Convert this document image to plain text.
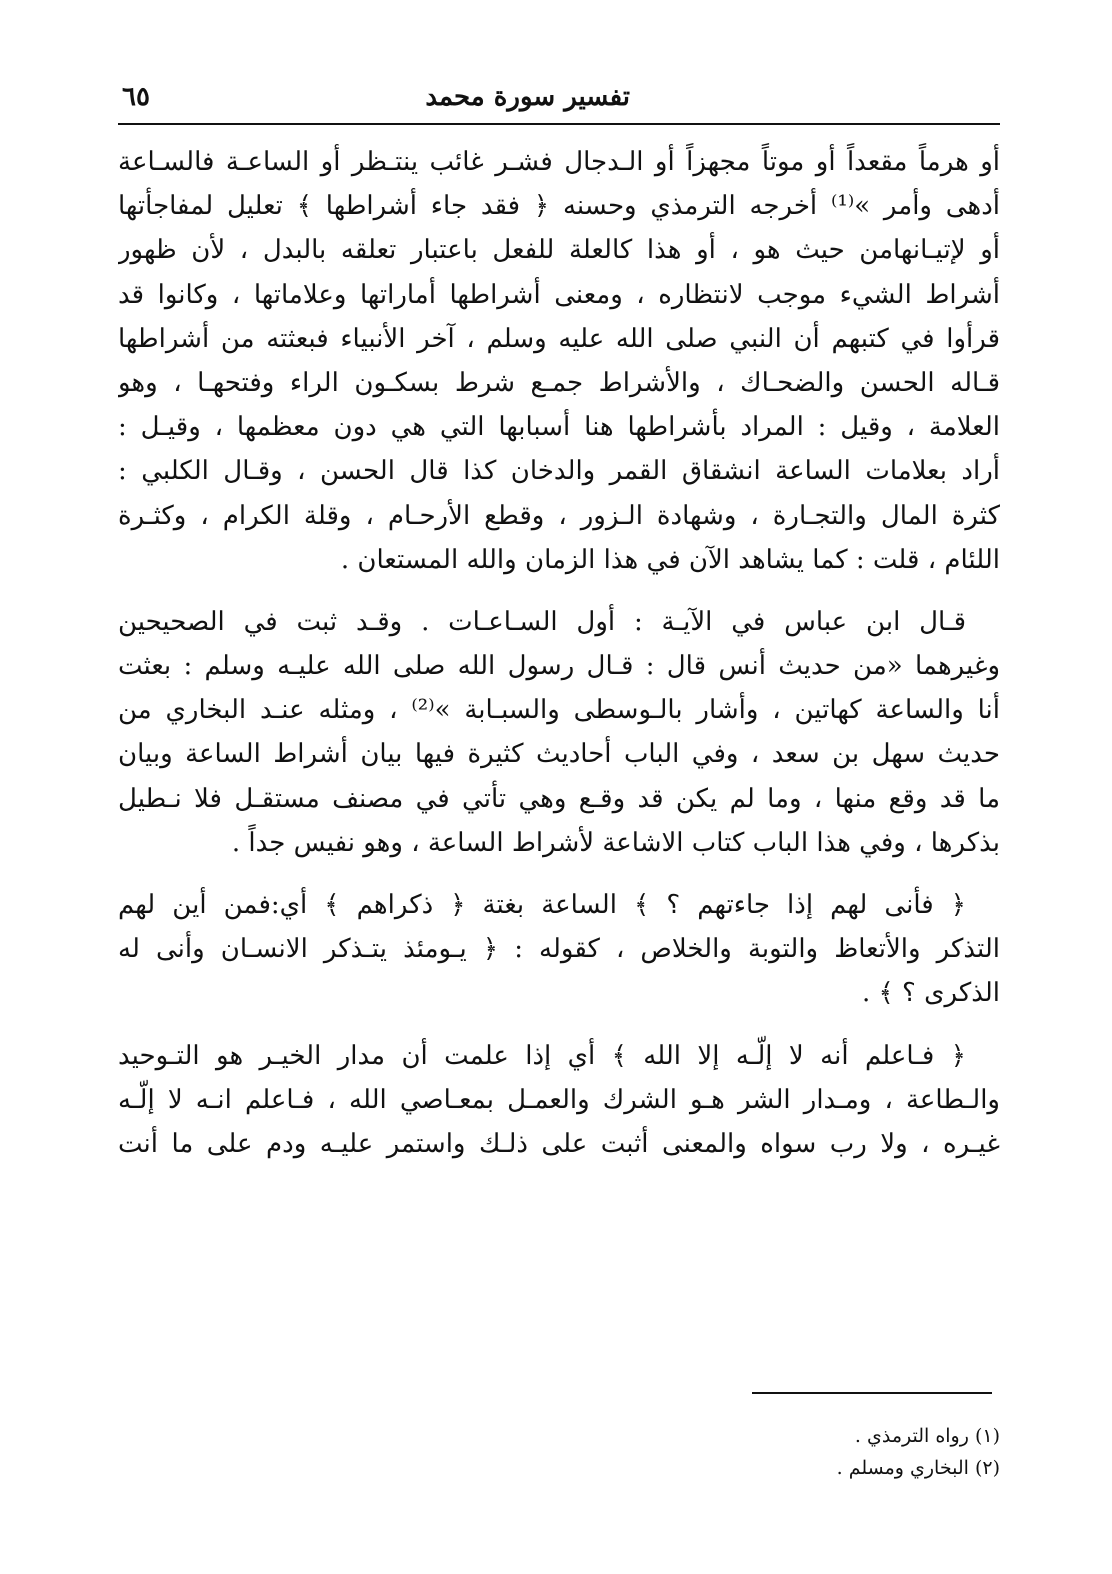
تفسير سورة محمد
٦٥
أو هرماً مقعداً أو موتاً مجهزاً أو الـدجال فشـر غائب ينتـظر أو الساعـة فالسـاعة
أدهى وأمر »⁽¹⁾ أخرجه الترمذي وحسنه ﴿ فقد جاء أشراطها ﴾ تعليل لمفاجأتها
أو لإتيـانهامن حيث هو ، أو هذا كالعلة للفعل باعتبار تعلقه بالبدل ، لأن ظهور
أشراط الشيء موجب لانتظاره ، ومعنى أشراطها أماراتها وعلاماتها ، وكانوا قد
قرأوا في كتبهم أن النبي صلى الله عليه وسلم ، آخر الأنبياء فبعثته من أشراطها
قـاله الحسن والضحـاك ، والأشراط جمـع شرط بسكـون الراء وفتحهـا ، وهو
العلامة ، وقيل : المراد بأشراطها هنا أسبابها التي هي دون معظمها ، وقيـل :
أراد بعلامات الساعة انشقاق القمر والدخان كذا قال الحسن ، وقـال الكلبي :
كثرة المال والتجـارة ، وشهادة الـزور ، وقطع الأرحـام ، وقلة الكرام ، وكثـرة
اللئام ، قلت : كما يشاهد الآن في هذا الزمان والله المستعان .
قـال ابن عباس في الآيـة : أول السـاعـات . وقـد ثبت في الصحيحين
وغيرهما «من حديث أنس قال : قـال رسول الله صلى الله عليـه وسلم : بعثت
أنا والساعة كهاتين ، وأشار بالـوسطى والسبـابة »⁽²⁾ ، ومثله عنـد البخاري من
حديث سهل بن سعد ، وفي الباب أحاديث كثيرة فيها بيان أشراط الساعة وبيان
ما قد وقع منها ، وما لم يكن قد وقـع وهي تأتي في مصنف مستقـل فلا نـطيل
بذكرها ، وفي هذا الباب كتاب الاشاعة لأشراط الساعة ، وهو نفيس جداً .
﴿ فأنى لهم إذا جاءتهم ؟ ﴾ الساعة بغتة ﴿ ذكراهم ﴾ أي:فمن أين لهم
التذكر والأتعاظ والتوبة والخلاص ، كقوله : ﴿ يـومئذ يتـذكر الانسـان وأنى له
الذكرى ؟ ﴾ .
﴿ فـاعلم أنه لا إلّـه إلا الله ﴾ أي إذا علمت أن مدار الخيـر هو التـوحيد
والـطاعة ، ومـدار الشر هـو الشرك والعمـل بمعـاصي الله ، فـاعلم انـه لا إلّـه
غيـره ، ولا رب سواه والمعنى أثبت على ذلـك واستمر عليـه ودم على ما أنت
(١) رواه الترمذي .
(٢) البخاري ومسلم .
